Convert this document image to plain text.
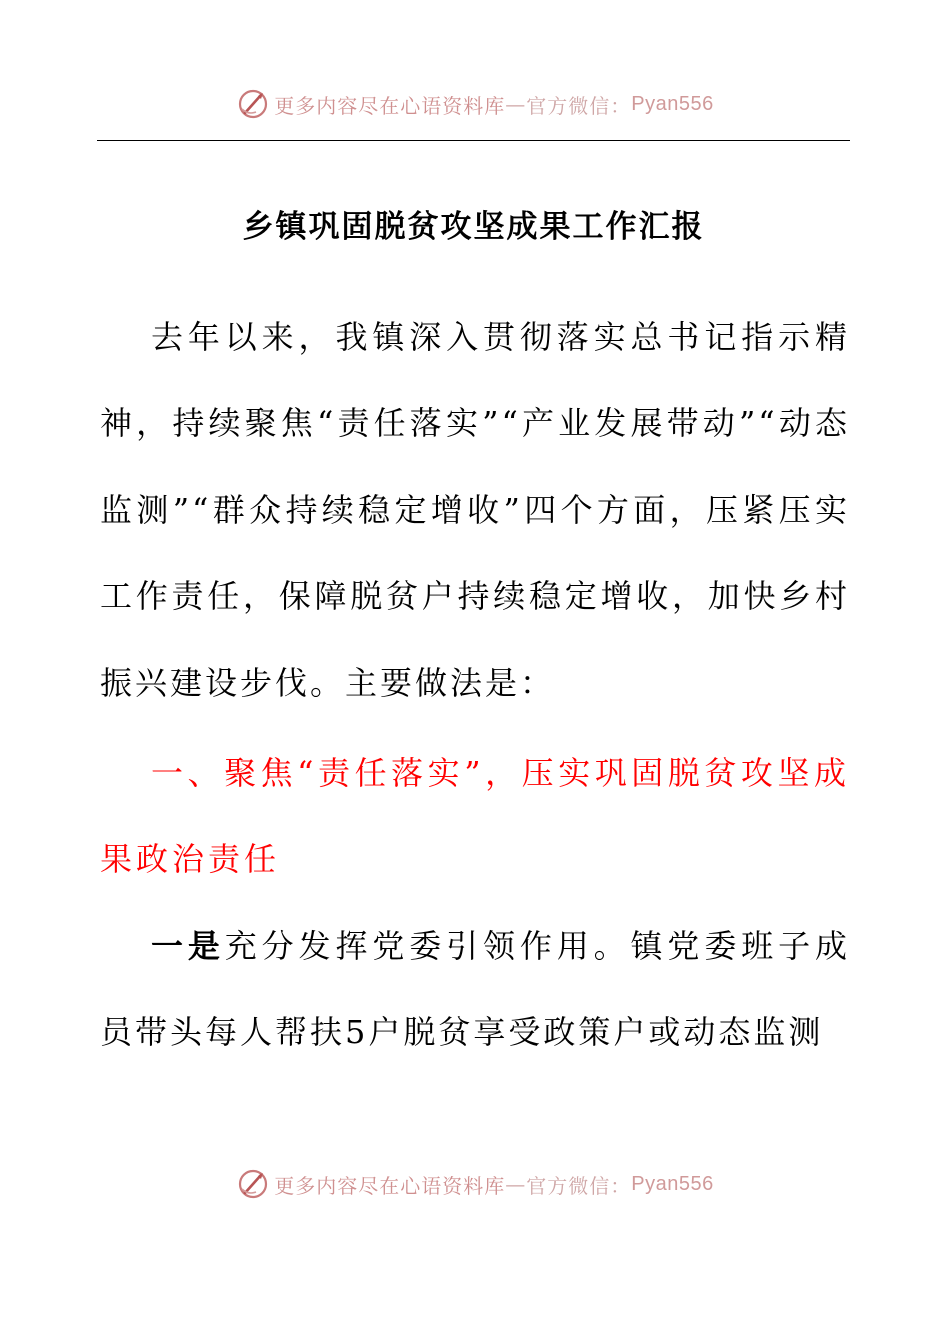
更多内容尽在心语资料库 — 官方微信： Pyan556
乡镇巩固脱贫攻坚成果工作汇报

去年以来，我镇深入贯彻落实总书记指示精神，持续聚焦“责任落实”“产业发展带动”“动态监测”“群众持续稳定增收”四个方面，压紧压实工作责任，保障脱贫户持续稳定增收，加快乡村振兴建设步伐。主要做法是：

一、聚焦“责任落实”，压实巩固脱贫攻坚成果政治责任

一是充分发挥党委引领作用。镇党委班子成员带头每人帮扶5户脱贫享受政策户或动态监测

更多内容尽在心语资料库 — 官方微信： Pyan556
